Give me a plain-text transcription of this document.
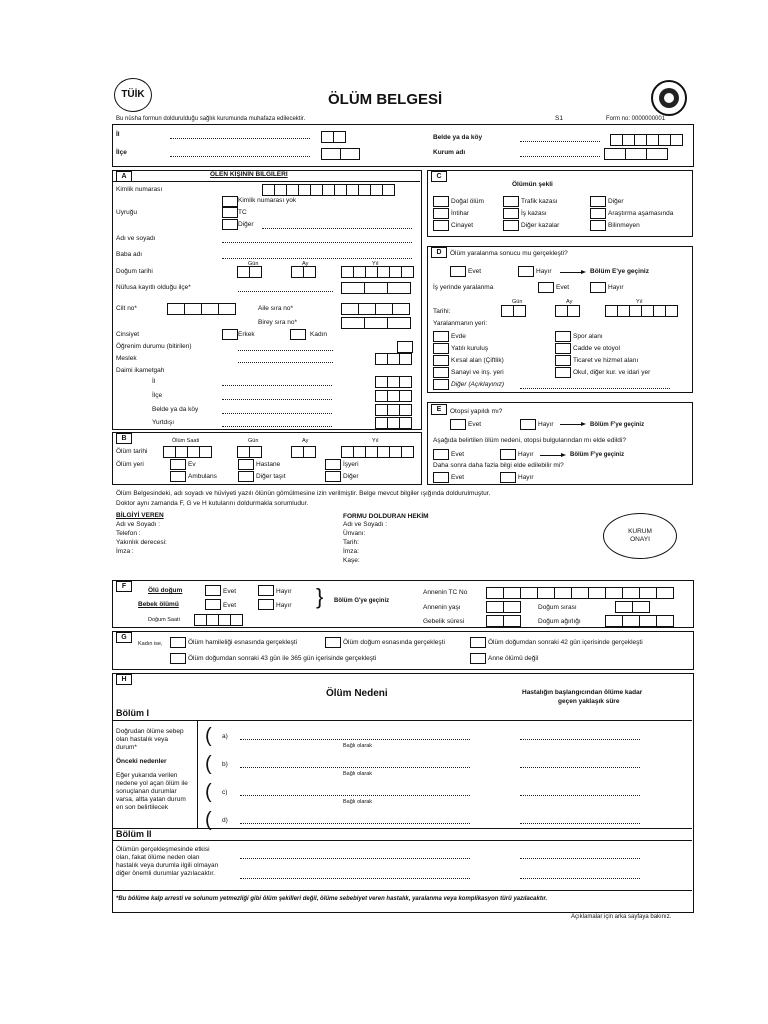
TÜİK	ÖLÜM BELGESİ
Bu nüsha formun doldurulduğu sağlık kurumunda muhafaza edilecektir.	S1	Form no: 0000000001
İl
İlçe
Belde ya da köy
Kurum adı
A	ÖLEN KİŞİNİN BİLGİLERİ
Kimlik numarası
Kimlik numarası yok
Uyruğu	TC
Diğer
Adı ve soyadı
Baba adı
Gün	Ay	Yıl
Doğum tarihi
Nüfusa kayıtlı olduğu ilçe*
Cilt no*	Aile sıra no*
Birey sıra no*
Cinsiyet	Erkek	Kadın
Öğrenim durumu (bitirilen)
Meslek
Daimi ikametgah
İl
İlçe
Belde ya da köy
Yurtdışı
B	Ölüm Saati	Gün	Ay	Yıl
Ölüm tarihi
Ölüm yeri	Ev	Hastane	İşyeri
Ambulans	Diğer taşıt	Diğer
C
Ölümün şekli
Doğal ölüm	Trafik kazası	Diğer
İntihar	İş kazası	Araştırma aşamasında
Cinayet	Diğer kazalar	Bilinmeyen
D	Ölüm yaralanma sonucu mu gerçekleşti?
Evet	Hayır	Bölüm E'ye geçiniz
İş yerinde yaralanma	Evet	Hayır
Gün	Ay	Yıl
Tarihi:
Yaralanmanın yeri:
Evde	Spor alanı
Yatılı kuruluş	Cadde ve otoyol
Kırsal alan (Çiftlik)	Ticaret ve hizmet alanı
Sanayi ve inş. yeri	Okul, diğer kur. ve idari yer
Diğer (Açıklayınız)
E	Otopsi yapıldı mı?
Evet	Hayır	Bölüm F'ye geçiniz
Aşağıda belirtilen ölüm nedeni, otopsi bulgularından mı elde edildi?
Evet	Hayır	Bölüm F'ye geçiniz
Daha sonra daha fazla bilgi elde edilebilir mi?
Evet	Hayır
Ölüm Belgesindeki, adı soyadı ve hüviyeti yazılı ölünün gömülmesine izin verilmiştir. Belge mevcut bilgiler ışığında doldurulmuştur.
Doktor aynı zamanda F, G ve H kutularını doldurmakla sorumludur.
BİLGİYİ VEREN
Adı ve Soyadı :
Telefon :
Yakınlık derecesi:
İmza :
FORMU DOLDURAN HEKİM
Adı ve Soyadı :
Ünvanı:
Tarih:
İmza:
Kaşe:
KURUM
ONAYI
F
Ölü doğum	Evet	Hayır
Bebek ölümü	Evet	Hayır
Doğum Saati
} Bölüm G'ye geçiniz
Annenin TC No
Annenin yaşı	Doğum sırası
Gebelik süresi	Doğum ağırlığı
G
Kadın ise,	Ölüm hamileliği esnasında gerçekleşti	Ölüm doğum esnasında gerçekleşti	Ölüm doğumdan sonraki 42 gün içerisinde gerçekleşti
Ölüm doğumdan sonraki 43 gün ile 365 gün içerisinde gerçekleşti	Anne ölümü değil
H
Ölüm Nedeni	Hastalığın başlangıcından ölüme kadar
geçen yaklaşık süre
Bölüm I
Doğrudan ölüme sebep
olan hastalık veya
durum*
Önceki nedenler
Eğer yukarıda verilen
nedene yol açan ölüm ile
sonuçlanan durumlar
varsa, altta yatan durum
en son belirtilecek
( a)
Bağlı olarak
( b)
Bağlı olarak
( c)
Bağlı olarak
( d)
Bölüm II
Ölümün gerçekleşmesinde etkisi
olan, fakat ölüme neden olan
hastalık veya durumla ilgili olmayan
diğer önemli durumlar yazılacaktır.
*Bu bölüme kalp arresti ve solunum yetmezliği gibi ölüm şekilleri değil, ölüme sebebiyet veren hastalık, yaralanma veya komplikasyon türü yazılacaktır.
Açıklamalar için arka sayfaya bakınız.
